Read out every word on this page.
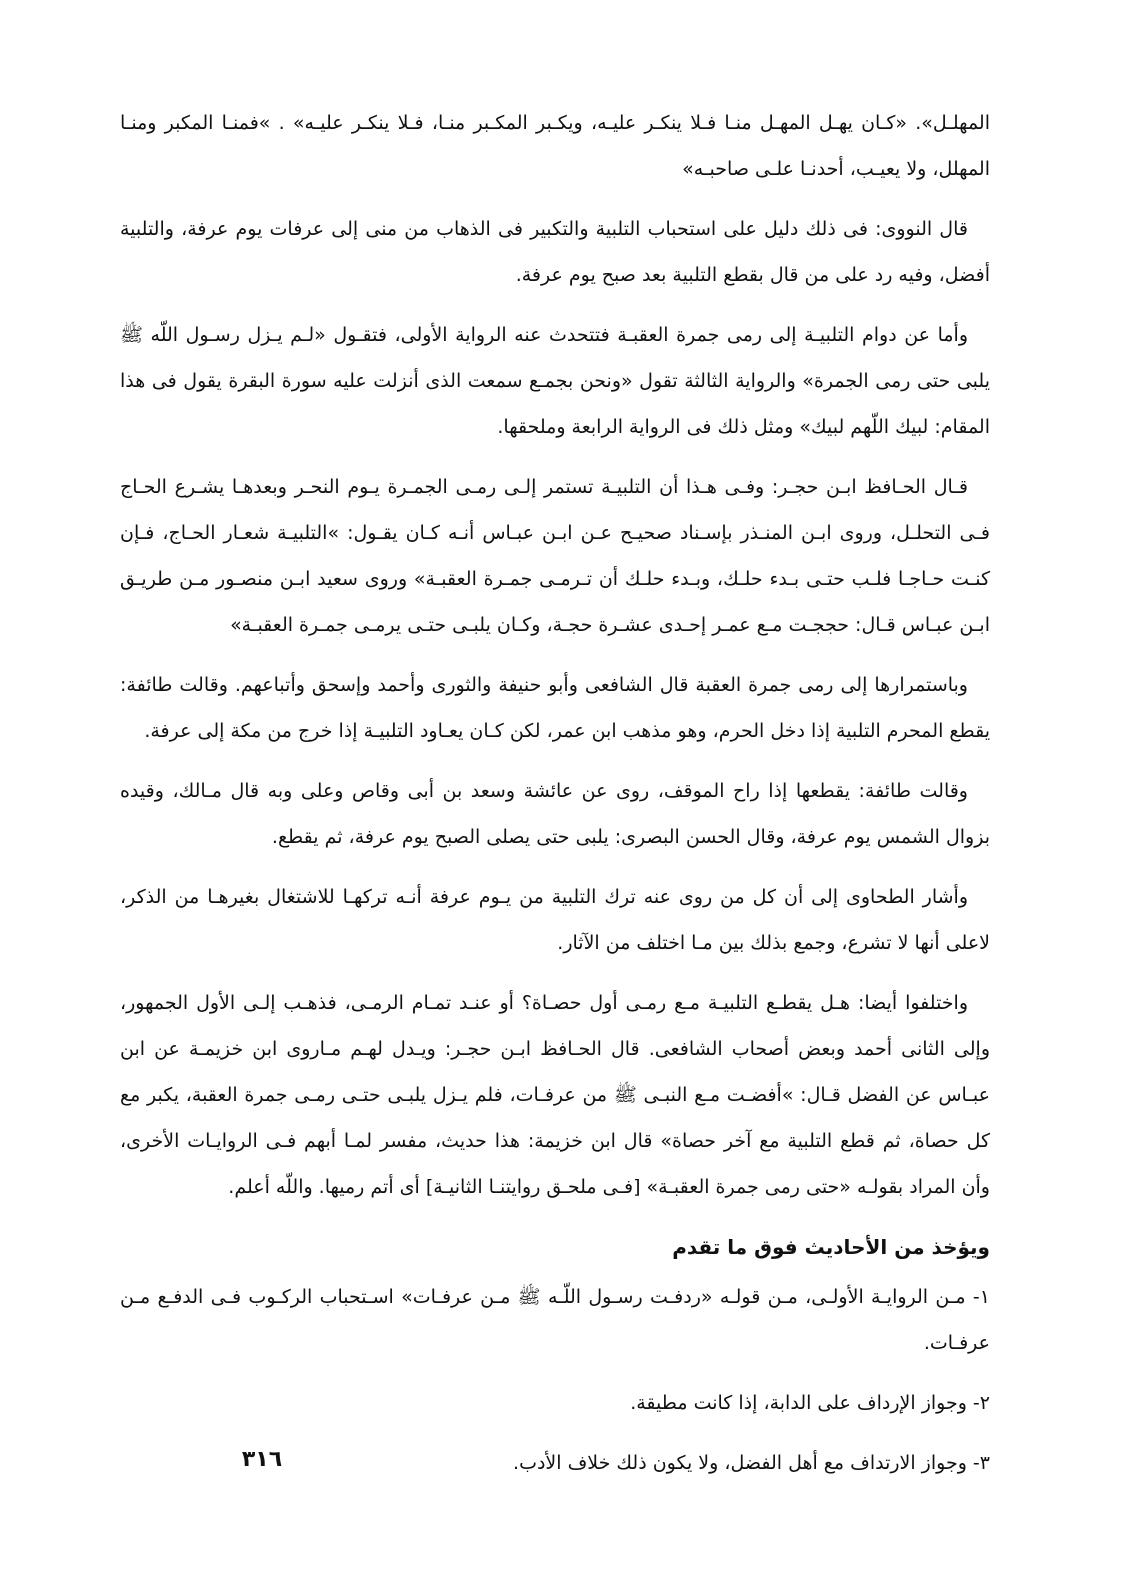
المهلـل». «كـان يهـل المهـل منـا فـلا ينكـر عليـه، ويكـبر المكـبر منـا، فـلا ينكـر عليـه» . »فمنـا المكبر ومنـا المهلل، ولا يعيـب، أحدنـا علـى صاحبـه»

قال النووى: فى ذلك دليل على استحباب التلبية والتكبير فى الذهاب من منى إلى عرفات يوم عرفة، والتلبية أفضل، وفيه رد على من قال بقطع التلبية بعد صبح يوم عرفة.

وأما عن دوام التلبيـة إلى رمى جمرة العقبـة فتتحدث عنه الرواية الأولى، فتقـول «لـم يـزل رسـول اللّه ﷺ يلبى حتى رمى الجمرة» والرواية الثالثة تقول «ونحن بجمـع سمعت الذى أنزلت عليه سورة البقرة يقول فى هذا المقام: لبيك اللّهم لبيك» ومثل ذلك فى الرواية الرابعة وملحقها.

قـال الحـافظ ابـن حجـر: وفـى هـذا أن التلبيـة تستمر إلـى رمـى الجمـرة يـوم النحـر وبعدهـا يشـرع الحـاج فـى التحلـل، وروى ابـن المنـذر بإسـناد صحيـح عـن ابـن عبـاس أنـه كـان يقـول: »التلبيـة شعـار الحـاج، فـإن كنـت حـاجـا فلـب حتـى بـدء حلـك، وبـدء حلـك أن تـرمـى جمـرة العقبـة» وروى سعيد ابـن منصـور مـن طريـق ابـن عبـاس قـال: حججـت مـع عمـر إحـدى عشـرة حجـة، وكـان يلبـى حتـى يرمـى جمـرة العقبـة»

وباستمرارها إلى رمى جمرة العقبة قال الشافعى وأبو حنيفة والثورى وأحمد وإسحق وأتباعهم. وقالت طائفة: يقطع المحرم التلبية إذا دخل الحرم، وهو مذهب ابن عمر، لكن كـان يعـاود التلبيـة إذا خرج من مكة إلى عرفة.

وقالت طائفة: يقطعها إذا راح الموقف، روى عن عائشة وسعد بن أبى وقاص وعلى وبه قال مـالك، وقيده بزوال الشمس يوم عرفة، وقال الحسن البصرى: يلبى حتى يصلى الصبح يوم عرفة، ثم يقطع.

وأشار الطحاوى إلى أن كل من روى عنه ترك التلبية من يـوم عرفة أنـه تركهـا للاشتغال بغيرهـا من الذكر، لاعلى أنها لا تشرع، وجمع بذلك بين مـا اختلف من الآثار.

واختلفوا أيضا: هـل يقطـع التلبيـة مـع رمـى أول حصـاة؟ أو عنـد تمـام الرمـى، فذهـب إلـى الأول الجمهور، وإلى الثانى أحمد وبعض أصحاب الشافعى. قال الحـافظ ابـن حجـر: ويـدل لهـم مـاروى ابن خزيمـة عن ابن عبـاس عن الفضل قـال: »أفضـت مـع النبـى ﷺ من عرفـات، فلم يـزل يلبـى حتـى رمـى جمرة العقبة، يكبر مع كل حصاة، ثم قطع التلبية مع آخر حصاة» قال ابن خزيمة: هذا حديث، مفسر لمـا أبهم فـى الروايـات الأخرى، وأن المراد بقولـه «حتى رمى جمرة العقبـة» [فـى ملحـق روايتنـا الثانيـة] أى أتم رميها. واللّه أعلم.

ويؤخذ من الأحاديث فوق ما تقدم

١- مـن الروايـة الأولـى، مـن قولـه «ردفـت رسـول اللّـه ﷺ مـن عرفـات» اسـتحباب الركـوب فـى الدفـع مـن عرفـات.

٢- وجواز الإرداف على الدابة، إذا كانت مطيقة.

٣- وجواز الارتداف مع أهل الفضل، ولا يكون ذلك خلاف الأدب.

٣١٦
